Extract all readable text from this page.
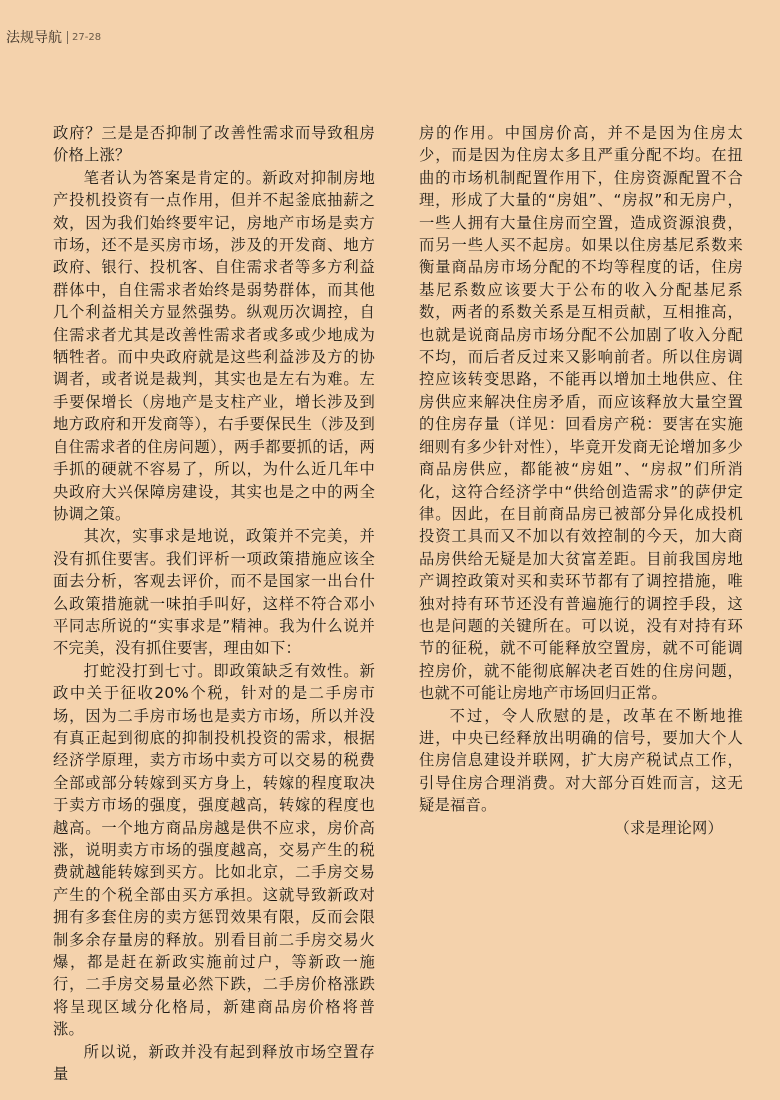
法规导航 27-28

政府？三是是否抑制了改善性需求而导致租房价格上涨？

笔者认为答案是肯定的。新政对抑制房地产投机投资有一点作用，但并不起釜底抽薪之效，因为我们始终要牢记，房地产市场是卖方市场，还不是买房市场，涉及的开发商、地方政府、银行、投机客、自住需求者等多方利益群体中，自住需求者始终是弱势群体，而其他几个利益相关方显然强势。纵观历次调控，自住需求者尤其是改善性需求者或多或少地成为牺牲者。而中央政府就是这些利益涉及方的协调者，或者说是裁判，其实也是左右为难。左手要保增长（房地产是支柱产业，增长涉及到地方政府和开发商等），右手要保民生（涉及到自住需求者的住房问题），两手都要抓的话，两手抓的硬就不容易了，所以，为什么近几年中央政府大兴保障房建设，其实也是之中的两全协调之策。

其次，实事求是地说，政策并不完美，并没有抓住要害。我们评析一项政策措施应该全面去分析，客观去评价，而不是国家一出台什么政策措施就一味拍手叫好，这样不符合邓小平同志所说的“实事求是”精神。我为什么说并不完美，没有抓住要害，理由如下：

打蛇没打到七寸。即政策缺乏有效性。新政中关于征收20%个税，针对的是二手房市场，因为二手房市场也是卖方市场，所以并没有真正起到彻底的抑制投机投资的需求，根据经济学原理，卖方市场中卖方可以交易的税费全部或部分转嫁到买方身上，转嫁的程度取决于卖方市场的强度，强度越高，转嫁的程度也越高。一个地方商品房越是供不应求，房价高涨，说明卖方市场的强度越高，交易产生的税费就越能转嫁到买方。比如北京，二手房交易产生的个税全部由买方承担。这就导致新政对拥有多套住房的卖方惩罚效果有限，反而会限制多余存量房的释放。别看目前二手房交易火爆，都是赶在新政实施前过户，等新政一施行，二手房交易量必然下跌，二手房价格涨跌将呈现区域分化格局，新建商品房价格将普涨。

所以说，新政并没有起到释放市场空置存量

房的作用。中国房价高，并不是因为住房太少，而是因为住房太多且严重分配不均。在扭曲的市场机制配置作用下，住房资源配置不合理，形成了大量的“房姐”、“房叔”和无房户，一些人拥有大量住房而空置，造成资源浪费，而另一些人买不起房。如果以住房基尼系数来衡量商品房市场分配的不均等程度的话，住房基尼系数应该要大于公布的收入分配基尼系数，两者的系数关系是互相贡献，互相推高，也就是说商品房市场分配不公加剧了收入分配不均，而后者反过来又影响前者。所以住房调控应该转变思路，不能再以增加土地供应、住房供应来解决住房矛盾，而应该释放大量空置的住房存量（详见：回看房产税：要害在实施细则有多少针对性），毕竟开发商无论增加多少商品房供应，都能被“房姐”、“房叔”们所消化，这符合经济学中“供给创造需求”的萨伊定律。因此，在目前商品房已被部分异化成投机投资工具而又不加以有效控制的今天，加大商品房供给无疑是加大贫富差距。目前我国房地产调控政策对买和卖环节都有了调控措施，唯独对持有环节还没有普遍施行的调控手段，这也是问题的关键所在。可以说，没有对持有环节的征税，就不可能释放空置房，就不可能调控房价，就不能彻底解决老百姓的住房问题，也就不可能让房地产市场回归正常。

不过，令人欣慰的是，改革在不断地推进，中央已经释放出明确的信号，要加大个人住房信息建设并联网，扩大房产税试点工作，引导住房合理消费。对大部分百姓而言，这无疑是福音。

（求是理论网）
